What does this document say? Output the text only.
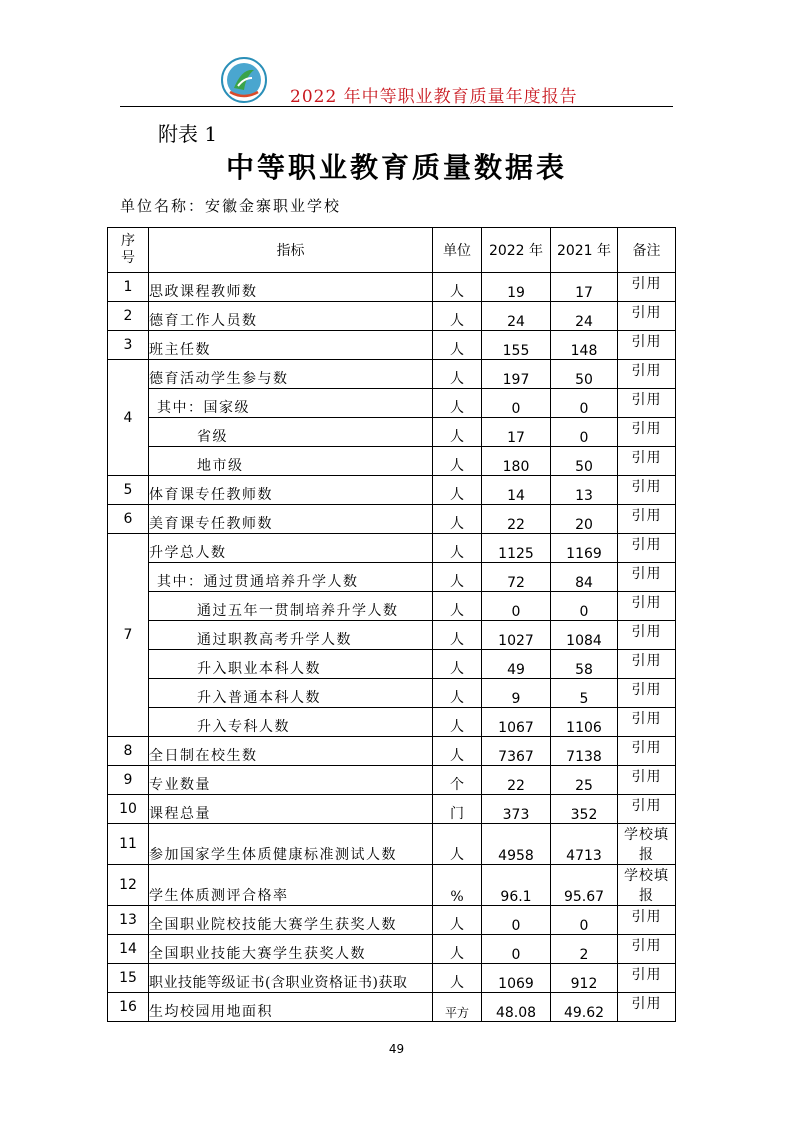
2022 年中等职业教育质量年度报告
附表 1
中等职业教育质量数据表
单位名称：安徽金寨职业学校
序
号	指标	单位	2022 年	2021 年	备注
1	思政课程教师数	人	19	17	引用
2	德育工作人员数	人	24	24	引用
3	班主任数	人	155	148	引用
4	德育活动学生参与数	人	197	50	引用
	其中：国家级	人	0	0	引用
	省级	人	17	0	引用
	地市级	人	180	50	引用
5	体育课专任教师数	人	14	13	引用
6	美育课专任教师数	人	22	20	引用
7	升学总人数	人	1125	1169	引用
	其中：通过贯通培养升学人数	人	72	84	引用
	通过五年一贯制培养升学人数	人	0	0	引用
	通过职教高考升学人数	人	1027	1084	引用
	升入职业本科人数	人	49	58	引用
	升入普通本科人数	人	9	5	引用
	升入专科人数	人	1067	1106	引用
8	全日制在校生数	人	7367	7138	引用
9	专业数量	个	22	25	引用
10	课程总量	门	373	352	引用
11	参加国家学生体质健康标准测试人数	人	4958	4713	学校填报
12	学生体质测评合格率	%	96.1	95.67	学校填报
13	全国职业院校技能大赛学生获奖人数	人	0	0	引用
14	全国职业技能大赛学生获奖人数	人	0	2	引用
15	职业技能等级证书(含职业资格证书)获取	人	1069	912	引用
16	生均校园用地面积	平方	48.08	49.62	引用
49
